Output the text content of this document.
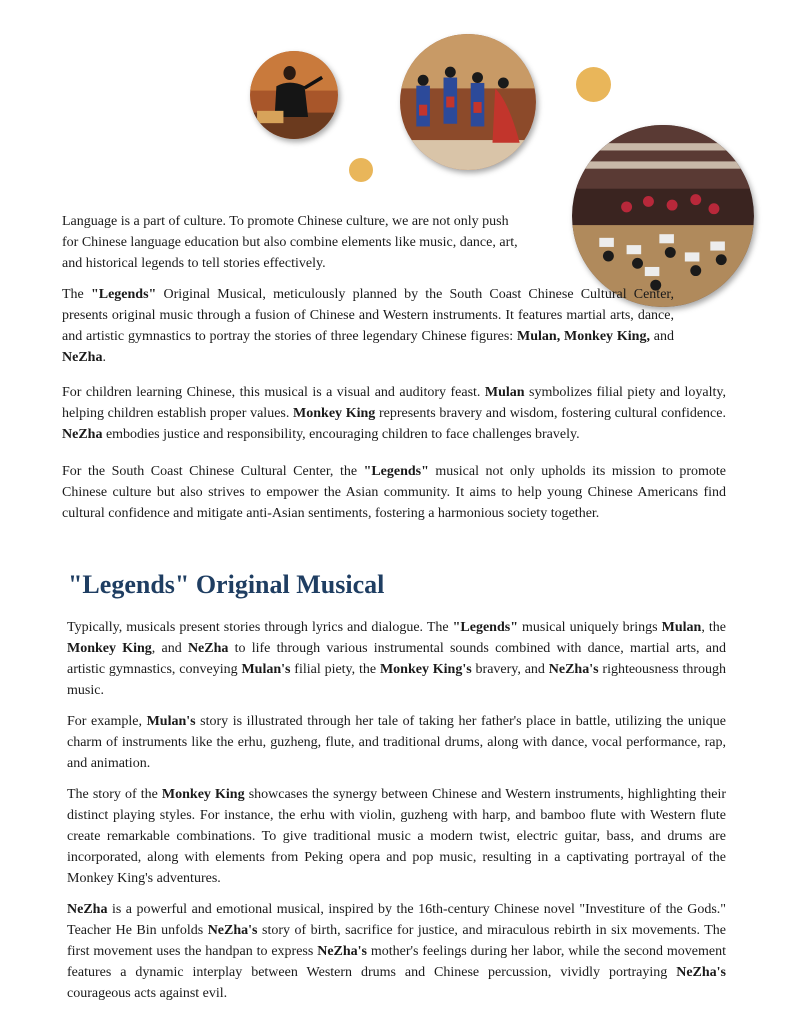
Language is a part of culture. To promote Chinese culture, we are not only push for Chinese language education but also combine elements like music, dance, art, and historical legends to tell stories effectively.

The "Legends" Original Musical, meticulously planned by the South Coast Chinese Cultural Center, presents original music through a fusion of Chinese and Western instruments. It features martial arts, dance, and artistic gymnastics to portray the stories of three legendary Chinese figures: Mulan, Monkey King, and NeZha.

For children learning Chinese, this musical is a visual and auditory feast. Mulan symbolizes filial piety and loyalty, helping children establish proper values. Monkey King represents bravery and wisdom, fostering cultural confidence. NeZha embodies justice and responsibility, encouraging children to face challenges bravely.

For the South Coast Chinese Cultural Center, the "Legends" musical not only upholds its mission to promote Chinese culture but also strives to empower the Asian community. It aims to help young Chinese Americans find cultural confidence and mitigate anti-Asian sentiments, fostering a harmonious society together.

"Legends" Original Musical

Typically, musicals present stories through lyrics and dialogue. The "Legends" musical uniquely brings Mulan, the Monkey King, and NeZha to life through various instrumental sounds combined with dance, martial arts, and artistic gymnastics, conveying Mulan's filial piety, the Monkey King's bravery, and NeZha's righteousness through music.

For example, Mulan's story is illustrated through her tale of taking her father's place in battle, utilizing the unique charm of instruments like the erhu, guzheng, flute, and traditional drums, along with dance, vocal performance, rap, and animation.

The story of the Monkey King showcases the synergy between Chinese and Western instruments, highlighting their distinct playing styles. For instance, the erhu with violin, guzheng with harp, and bamboo flute with Western flute create remarkable combinations. To give traditional music a modern twist, electric guitar, bass, and drums are incorporated, along with elements from Peking opera and pop music, resulting in a captivating portrayal of the Monkey King's adventures.

NeZha is a powerful and emotional musical, inspired by the 16th-century Chinese novel "Investiture of the Gods." Teacher He Bin unfolds NeZha's story of birth, sacrifice for justice, and miraculous rebirth in six movements. The first movement uses the handpan to express NeZha's mother's feelings during her labor, while the second movement features a dynamic interplay between Western drums and Chinese percussion, vividly portraying NeZha's courageous acts against evil.
